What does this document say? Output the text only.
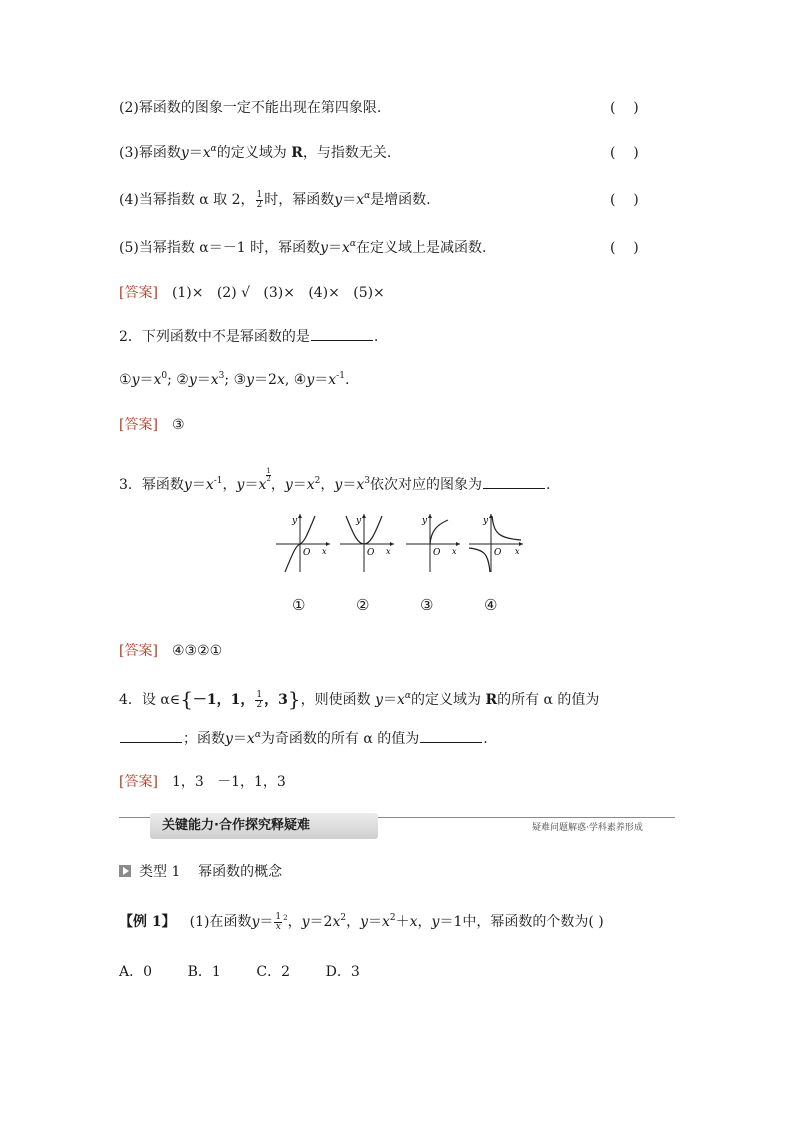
(2)幂函数的图象一定不能出现在第四象限.	(    )
(3)幂函数$y=x^\alpha$的定义域为 R，与指数无关.	(    )
(4)当幂指数 α 取 2， $\frac{1}{2}$ 时，幂函数$y=x^\alpha$是增函数.	(    )
(5)当幂指数 α＝－1 时，幂函数$y=x^\alpha$在定义域上是减函数.	(    )
[答案] (1)×   (2) √   (3)×   (4)×   (5)×
2．下列函数中不是幂函数的是	.
$①y=x^0$; $②y=x^3$; ③y＝2x, $④y=x^{-1}$.
[答案] ③
3．幂函数$y=x^{-1}$，y＝x
$\frac{1}{2}$
，$y=x^2$，$y=x^3$依次对应的图象为	.
y
O x
y
O x
y
O x
y
O x
①	②	③	④
[答案] ④③②①
4．设 α∈{－1，1， $\frac{1}{2}$ ，3}，则使函数 $y=x^\alpha$的定义域为 R的所有 α 的值为
；函数$y=x^\alpha$为奇函数的所有 α 的值为	.
[答案] 1，3   －1，1，3
关键能力·合作探究释疑难	疑难问题解惑·学科素养形成
类型 1    幂函数的概念
【例 1】 (1)在函数$y= \frac{1}{x} ^2$，$y=2x^2$，$y=x^2+x$，y＝1中，幂函数的个数为( )
A．0        B．1        C．2        D．3
